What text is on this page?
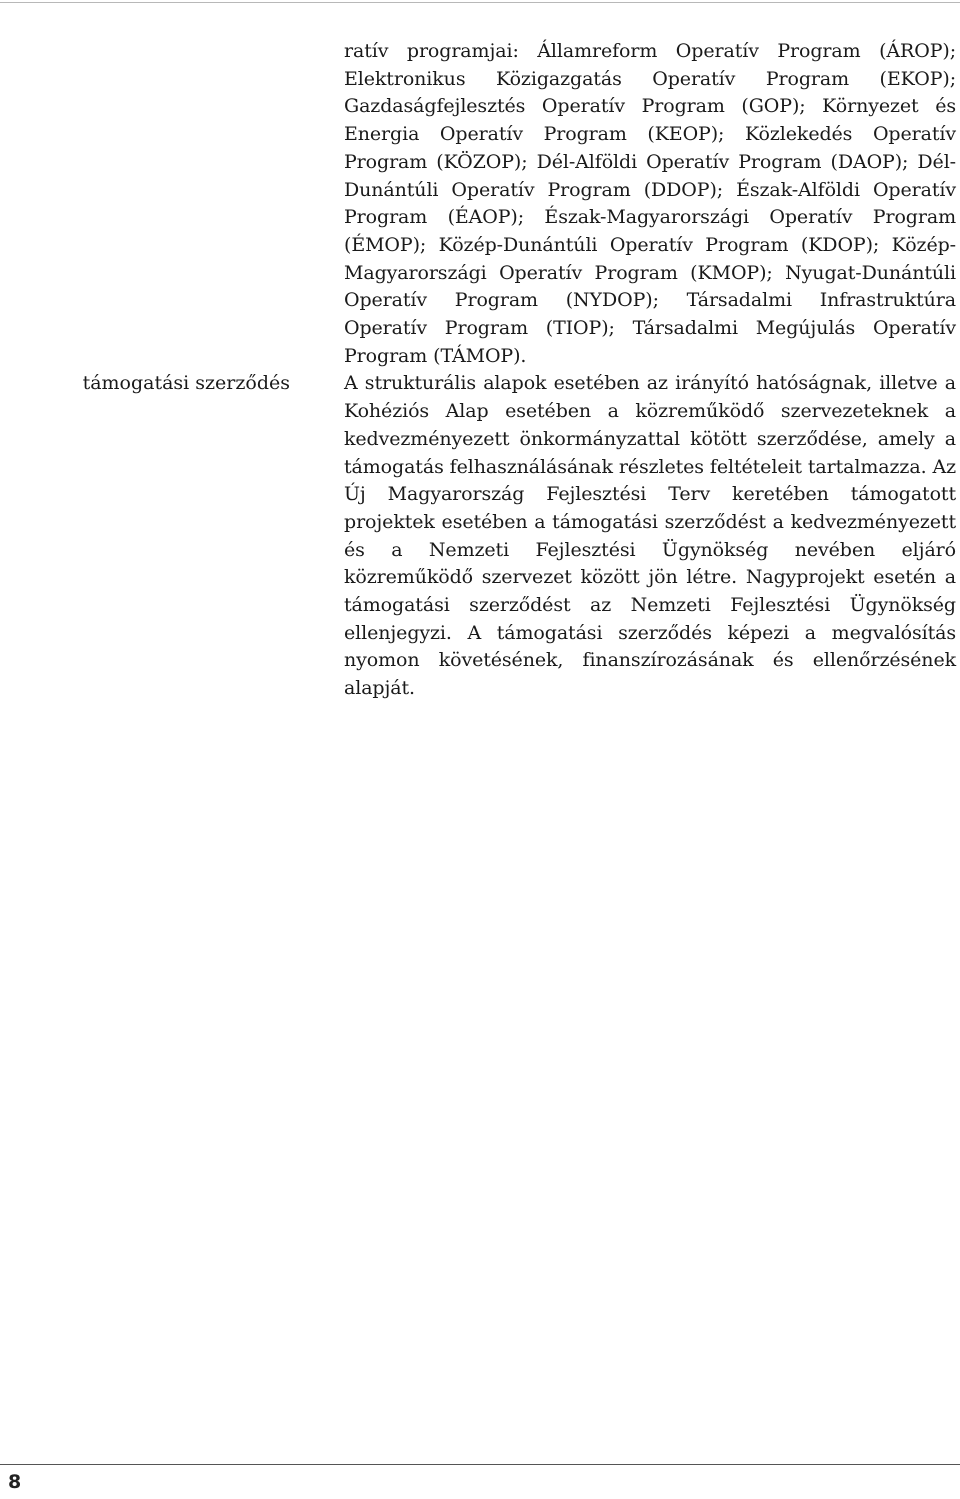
ratív programjai: Államreform Operatív Program (ÁROP); Elektronikus Közigazgatás Operatív Program (EKOP); Gazdaságfejlesztés Operatív Program (GOP); Környezet és Energia Operatív Program (KEOP); Közlekedés Operatív Program (KÖZOP); Dél-Alföldi Operatív Program (DAOP); Dél-Dunántúli Operatív Program (DDOP); Észak-Alföldi Operatív Program (ÉAOP); Észak-Magyarországi Operatív Program (ÉMOP); Közép-Dunántúli Operatív Program (KDOP); Közép-Magyarországi Operatív Program (KMOP); Nyugat-Dunántúli Operatív Program (NYDOP); Társadalmi Infrastruktúra Operatív Program (TIOP); Társadalmi Megújulás Operatív Program (TÁMOP).
támogatási szerződés	A strukturális alapok esetében az irányító hatóságnak, illetve a Kohéziós Alap esetében a közreműködő szervezeteknek a kedvezményezett önkormányzattal kötött szerződése, amely a támogatás felhasználásának részletes feltételeit tartalmazza. Az Új Magyarország Fejlesztési Terv keretében támogatott projektek esetében a támogatási szerződést a kedvezményezett és a Nemzeti Fejlesztési Ügynökség nevében eljáró közreműködő szervezet között jön létre. Nagyprojekt esetén a támogatási szerződést az Nemzeti Fejlesztési Ügynökség ellenjegyzi. A támogatási szerződés képezi a megvalósítás nyomon követésének, finanszírozásának és ellenőrzésének alapját.
8
